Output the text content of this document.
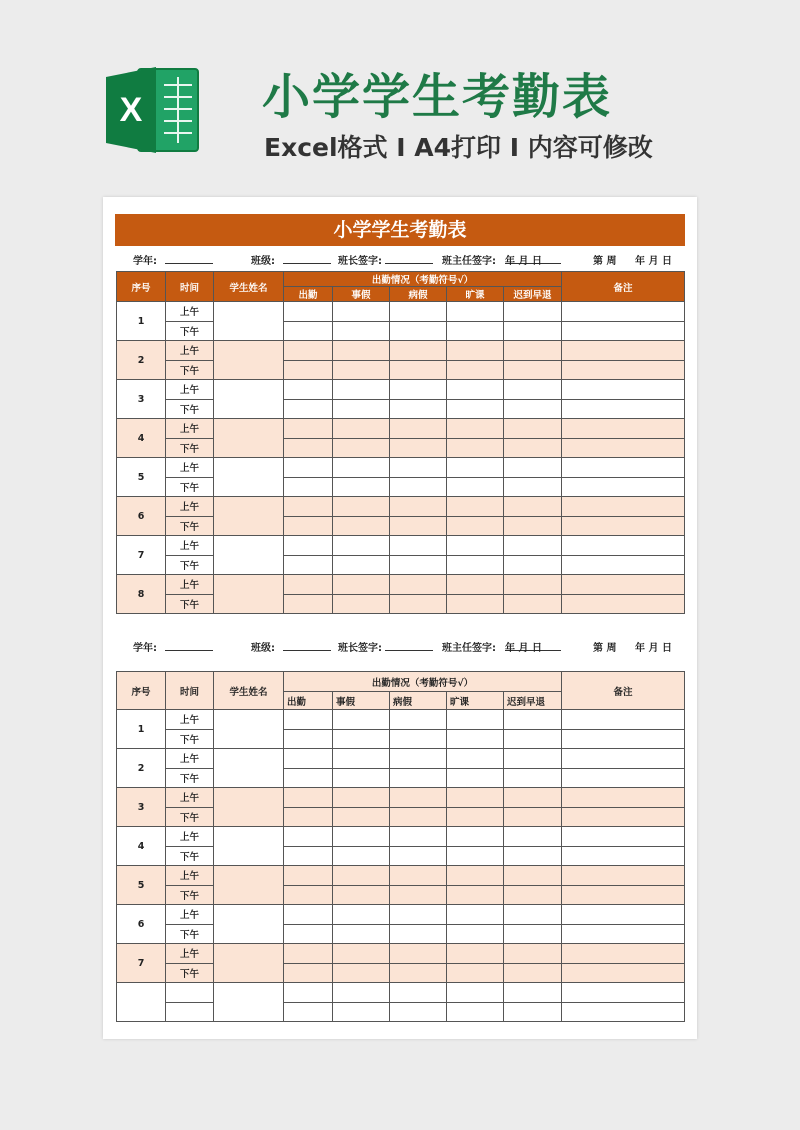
X 小学学生考勤表
Excel格式 I A4打印 I 内容可修改
小学学生考勤表
学年:	班级:	班长签字:	班主任签字: 年 月 日	第 周 年 月 日
序号	时间	学生姓名	出勤情况（考勤符号√）					备注
			出勤	事假	病假	旷课	迟到早退	
1	上午							
	下午							
2	上午							
	下午							
3	上午							
	下午							
4	上午							
	下午							
5	上午							
	下午							
6	上午							
	下午							
7	上午							
	下午							
8	上午							
	下午							
学年:	班级:	班长签字:	班主任签字: 年 月 日	第 周 年 月 日
序号	时间	学生姓名	出勤情况（考勤符号√）					备注
			出勤	事假	病假	旷课	迟到早退	
1	上午							
	下午							
2	上午							
	下午							
3	上午							
	下午							
4	上午							
	下午							
5	上午							
	下午							
6	上午							
	下午							
7	上午							
	下午							
